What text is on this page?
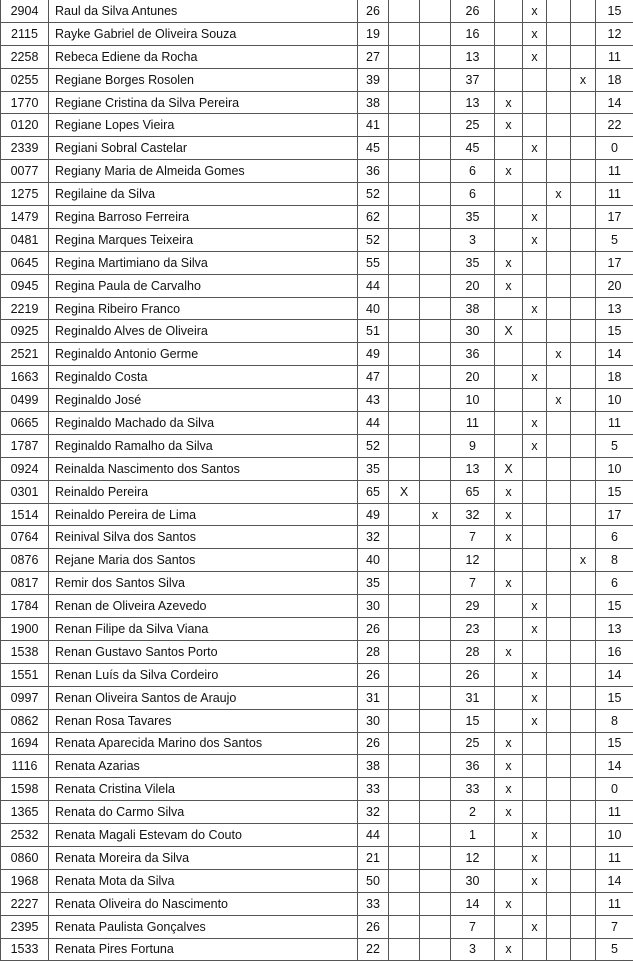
2904	Raul da Silva Antunes	26			26		x			15
2115	Rayke Gabriel de Oliveira Souza	19			16		x			12
2258	Rebeca Ediene da Rocha	27			13		x			11
0255	Regiane Borges Rosolen	39			37				x	18
1770	Regiane Cristina da Silva Pereira	38			13	x				14
0120	Regiane Lopes Vieira	41			25	x				22
2339	Regiani Sobral Castelar	45			45		x			0
0077	Regiany Maria de Almeida Gomes	36			6	x				11
1275	Regilaine da Silva	52			6			x		11
1479	Regina Barroso Ferreira	62			35		x			17
0481	Regina Marques Teixeira	52			3		x			5
0645	Regina Martimiano da Silva	55			35	x				17
0945	Regina Paula de Carvalho	44			20	x				20
2219	Regina Ribeiro Franco	40			38		x			13
0925	Reginaldo Alves de Oliveira	51			30	X				15
2521	Reginaldo Antonio Germe	49			36			x		14
1663	Reginaldo Costa	47			20		x			18
0499	Reginaldo José	43			10			x		10
0665	Reginaldo Machado da Silva	44			11		x			11
1787	Reginaldo Ramalho da Silva	52			9		x			5
0924	Reinalda Nascimento dos Santos	35			13	X				10
0301	Reinaldo Pereira	65	X		65	x				15
1514	Reinaldo Pereira de Lima	49		x	32	x				17
0764	Reinival Silva dos Santos	32			7	x				6
0876	Rejane Maria dos Santos	40			12				x	8
0817	Remir dos Santos Silva	35			7	x				6
1784	Renan de Oliveira Azevedo	30			29		x			15
1900	Renan Filipe da Silva Viana	26			23		x			13
1538	Renan Gustavo Santos Porto	28			28	x				16
1551	Renan Luís da Silva Cordeiro	26			26		x			14
0997	Renan Oliveira Santos de Araujo	31			31		x			15
0862	Renan Rosa Tavares	30			15		x			8
1694	Renata Aparecida Marino dos Santos	26			25	x				15
1116	Renata Azarias	38			36	x				14
1598	Renata Cristina Vilela	33			33	x				0
1365	Renata do Carmo Silva	32			2	x				11
2532	Renata Magali Estevam do Couto	44			1		x			10
0860	Renata Moreira da Silva	21			12		x			11
1968	Renata Mota da Silva	50			30		x			14
2227	Renata Oliveira do Nascimento	33			14	x				11
2395	Renata Paulista Gonçalves	26			7		x			7
1533	Renata Pires Fortuna	22			3	x				5
